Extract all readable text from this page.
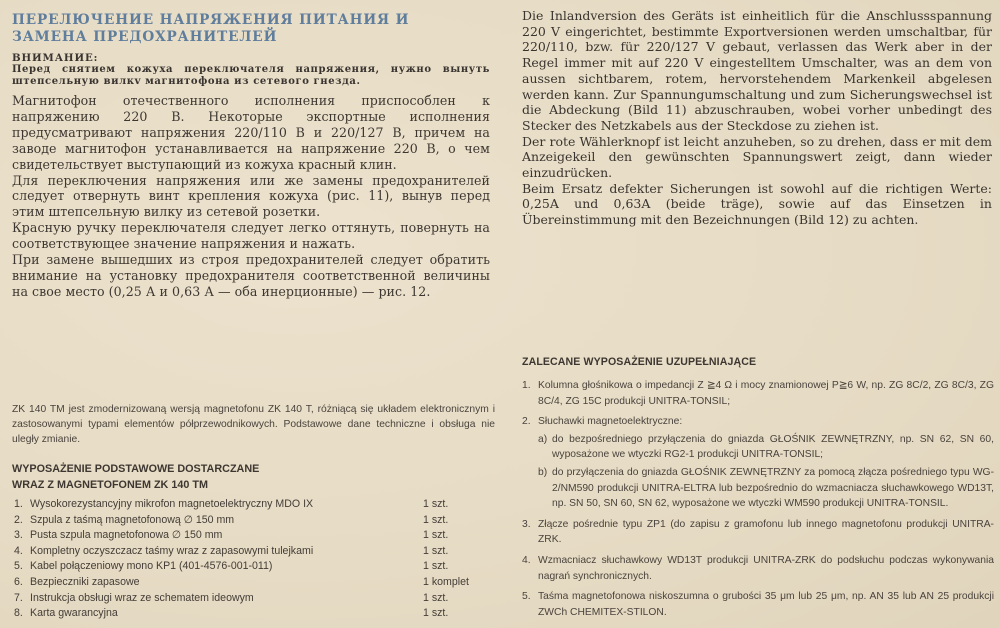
ПЕРЕЛЮЧЕНИЕ НАПРЯЖЕНИЯ ПИТАНИЯ И ЗАМЕНА ПРЕДОХРАНИТЕЛЕЙ
ВНИМАНИЕ:
Перед снятием кожуха переключателя напряжения, нужно вынуть штепсельную вилкv магнитофона из сетевого гнезда.

Магнитофон отечественного исполнения приспособлен к напряжению 220 В. Некоторые экспортные исполнения предусматривают напряжения 220/110 В и 220/127 В, причем на заводе магнитофон устанавливается на напряжение 220 В, о чем свидетельствует выступающий из кожуха красный клин.

Для переключения напряжения или же замены предохранителей следует отвернуть винт крепления кожуха (рис. 11), вынув перед этим штепсельную вилку из сетевой розетки.

Красную ручку переключателя следует легко оттянуть, повернуть на соответствующее значение напряжения и нажать.

При замене вышедших из строя предохранителей следует обратить внимание на установку предохранителя соответственной величины на свое место (0,25 А и 0,63 А — оба инерционные) — рис. 12.

Die Inlandversion des Geräts ist einheitlich für die Anschlussspannung 220 V eingerichtet, bestimmte Exportversionen werden umschaltbar, für 220/110, bzw. für 220/127 V gebaut, verlassen das Werk aber in der Regel immer mit auf 220 V eingestelltem Umschalter, was an dem von aussen sichtbarem, rotem, hervorstehendem Markenkeil abgelesen werden kann. Zur Spannungumschaltung und zum Sicherungswechsel ist die Abdeckung (Bild 11) abzuschrauben, wobei vorher unbedingt des Stecker des Netzkabels aus der Steckdose zu ziehen ist.

Der rote Wählerknopf ist leicht anzuheben, so zu drehen, dass er mit dem Anzeigekeil den gewünschten Spannungswert zeigt, dann wieder einzudrücken.

Beim Ersatz defekter Sicherungen ist sowohl auf die richtigen Werte: 0,25A und 0,63A (beide träge), sowie auf das Einsetzen in Übereinstimmung mit den Bezeichnungen (Bild 12) zu achten.

ZK 140 TM jest zmodernizowaną wersją magnetofonu ZK 140 T, różniącą się układem elektronicznym i zastosowanymi typami elementów półprzewodnikowych. Podstawowe dane techniczne i obsługa nie uległy zmianie.
WYPOSAŻENIE PODSTAWOWE DOSTARCZANE
WRAZ Z MAGNETOFONEM ZK 140 TM
1. Wysokorezystancyjny mikrofon magnetoelektryczny MDO IX	1 szt.
2. Szpula z taśmą magnetofonową ∅ 150 mm	1 szt.
3. Pusta szpula magnetofonowa ∅ 150 mm	1 szt.
4. Kompletny oczyszczacz taśmy wraz z zapasowymi tulejkami	1 szt.
5. Kabel połączeniowy mono KP1 (401-4576-001-011)	1 szt.
6. Bezpieczniki zapasowe	1 komplet
7. Instrukcja obsługi wraz ze schematem ideowym	1 szt.
8. Karta gwarancyjna	1 szt.
ZALECANE WYPOSAŻENIE UZUPEŁNIAJĄCE
1. Kolumna głośnikowa o impedancji Z ≧4 Ω i mocy znamionowej P≧6 W, np. ZG 8C/2, ZG 8C/3, ZG 8C/4, ZG 15C produkcji UNITRA-TONSIL;
2. Słuchawki magnetoelektryczne:
a) do bezpośredniego przyłączenia do gniazda GŁOŚNIK ZEWNĘTRZNY, np. SN 62, SN 60, wyposażone we wtyczki RG2-1 produkcji UNITRA-TONSIL;
b) do przyłączenia do gniazda GŁOŚNIK ZEWNĘTRZNY za pomocą złącza pośredniego typu WG-2/NM590 produkcji UNITRA-ELTRA lub bezpośrednio do wzmacniacza słuchawkowego WD13T, np. SN 50, SN 60, SN 62, wyposażone we wtyczki WM590 produkcji UNITRA-TONSIL.
3. Złącze pośrednie typu ZP1 (do zapisu z gramofonu lub innego magnetofonu produkcji UNITRA-ZRK.
4. Wzmacniacz słuchawkowy WD13T produkcji UNITRA-ZRK do podsłuchu podczas wykonywania nagrań synchronicznych.
5. Taśma magnetofonowa niskoszumna o grubości 35 μm lub 25 μm, np. AN 35 lub AN 25 produkcji ZWCh CHEMITEX-STILON.
